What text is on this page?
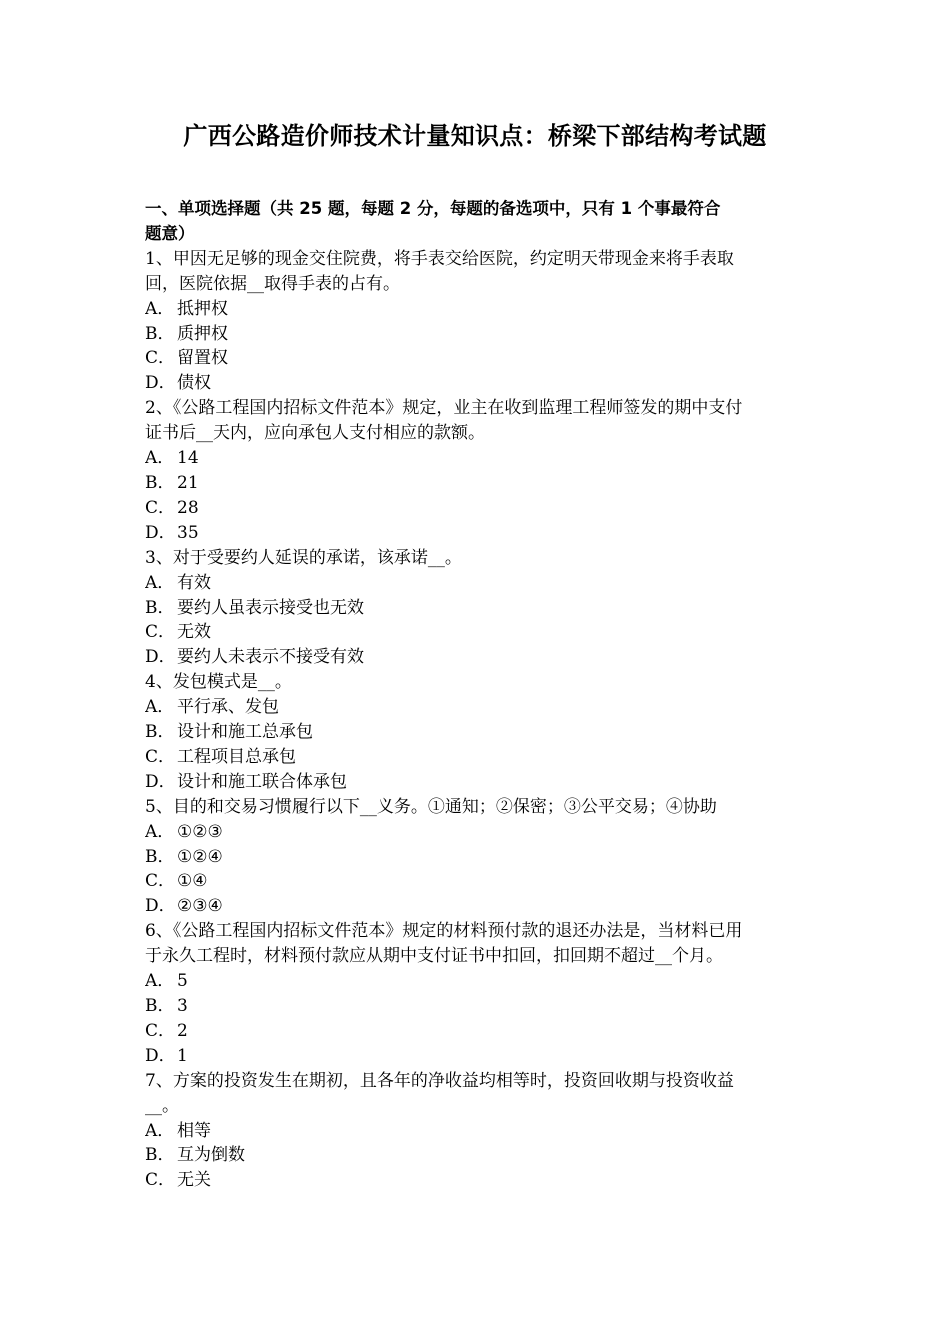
广西公路造价师技术计量知识点：桥梁下部结构考试题
一、单项选择题（共 25 题，每题 2 分，每题的备选项中，只有 1 个事最符合
题意）
1、甲因无足够的现金交住院费，将手表交给医院，约定明天带现金来将手表取
回，医院依据__取得手表的占有。
A． 抵押权
B． 质押权
C． 留置权
D．债权
2、《公路工程国内招标文件范本》规定，业主在收到监理工程师签发的期中支付
证书后__天内，应向承包人支付相应的款额。
A． 14
B． 21
C． 28
D．35
3、对于受要约人延误的承诺，该承诺__。
A． 有效
B． 要约人虽表示接受也无效
C． 无效
D．要约人未表示不接受有效
4、发包模式是__。
A． 平行承、发包
B． 设计和施工总承包
C． 工程项目总承包
D．设计和施工联合体承包
5、目的和交易习惯履行以下__义务。①通知；②保密；③公平交易；④协助
A． ①②③
B． ①②④
C． ①④
D．②③④
6、《公路工程国内招标文件范本》规定的材料预付款的退还办法是，当材料已用
于永久工程时，材料预付款应从期中支付证书中扣回，扣回期不超过__个月。
A． 5
B． 3
C． 2
D．1
7、方案的投资发生在期初，且各年的净收益均相等时，投资回收期与投资收益
__。
A． 相等
B． 互为倒数
C． 无关
